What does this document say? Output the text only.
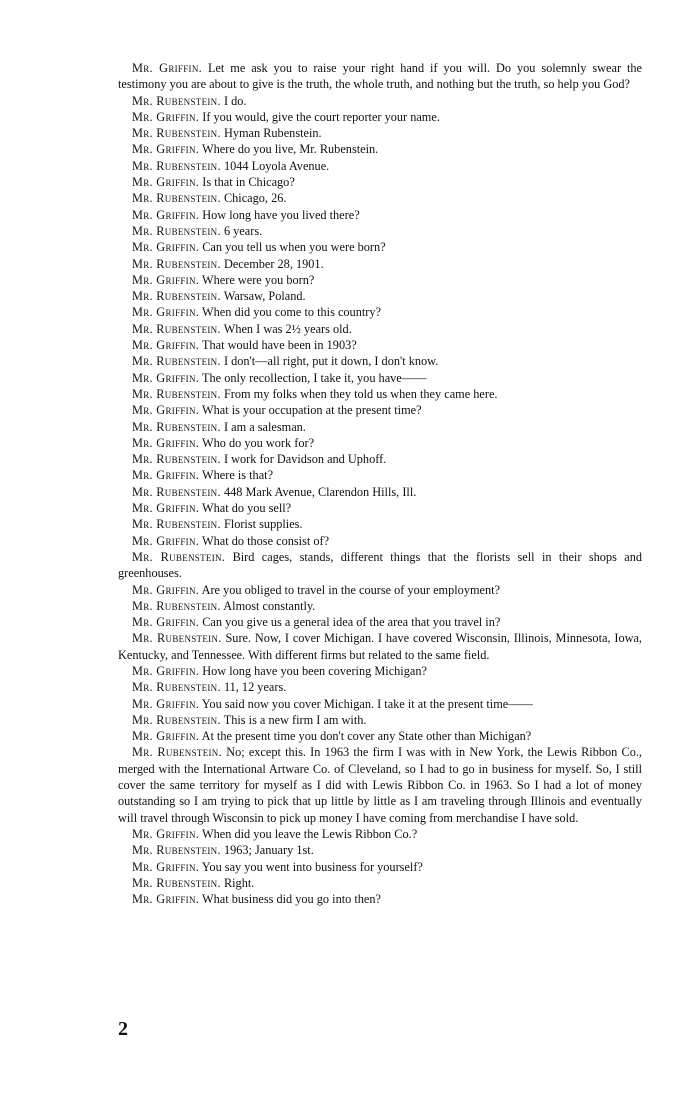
Mr. Griffin. Let me ask you to raise your right hand if you will. Do you solemnly swear the testimony you are about to give is the truth, the whole truth, and nothing but the truth, so help you God?

Mr. Rubenstein. I do.

Mr. Griffin. If you would, give the court reporter your name.

Mr. Rubenstein. Hyman Rubenstein.

Mr. Griffin. Where do you live, Mr. Rubenstein.

Mr. Rubenstein. 1044 Loyola Avenue.

Mr. Griffin. Is that in Chicago?

Mr. Rubenstein. Chicago, 26.

Mr. Griffin. How long have you lived there?

Mr. Rubenstein. 6 years.

Mr. Griffin. Can you tell us when you were born?

Mr. Rubenstein. December 28, 1901.

Mr. Griffin. Where were you born?

Mr. Rubenstein. Warsaw, Poland.

Mr. Griffin. When did you come to this country?

Mr. Rubenstein. When I was 2½ years old.

Mr. Griffin. That would have been in 1903?

Mr. Rubenstein. I don't—all right, put it down, I don't know.

Mr. Griffin. The only recollection, I take it, you have——

Mr. Rubenstein. From my folks when they told us when they came here.

Mr. Griffin. What is your occupation at the present time?

Mr. Rubenstein. I am a salesman.

Mr. Griffin. Who do you work for?

Mr. Rubenstein. I work for Davidson and Uphoff.

Mr. Griffin. Where is that?

Mr. Rubenstein. 448 Mark Avenue, Clarendon Hills, Ill.

Mr. Griffin. What do you sell?

Mr. Rubenstein. Florist supplies.

Mr. Griffin. What do those consist of?

Mr. Rubenstein. Bird cages, stands, different things that the florists sell in their shops and greenhouses.

Mr. Griffin. Are you obliged to travel in the course of your employment?

Mr. Rubenstein. Almost constantly.

Mr. Griffin. Can you give us a general idea of the area that you travel in?

Mr. Rubenstein. Sure. Now, I cover Michigan. I have covered Wisconsin, Illinois, Minnesota, Iowa, Kentucky, and Tennessee. With different firms but related to the same field.

Mr. Griffin. How long have you been covering Michigan?

Mr. Rubenstein. 11, 12 years.

Mr. Griffin. You said now you cover Michigan. I take it at the present time——

Mr. Rubenstein. This is a new firm I am with.

Mr. Griffin. At the present time you don't cover any State other than Michigan?

Mr. Rubenstein. No; except this. In 1963 the firm I was with in New York, the Lewis Ribbon Co., merged with the International Artware Co. of Cleveland, so I had to go in business for myself. So, I still cover the same territory for myself as I did with Lewis Ribbon Co. in 1963. So I had a lot of money outstanding so I am trying to pick that up little by little as I am traveling through Illinois and eventually will travel through Wisconsin to pick up money I have coming from merchandise I have sold.

Mr. Griffin. When did you leave the Lewis Ribbon Co.?

Mr. Rubenstein. 1963; January 1st.

Mr. Griffin. You say you went into business for yourself?

Mr. Rubenstein. Right.

Mr. Griffin. What business did you go into then?

2
